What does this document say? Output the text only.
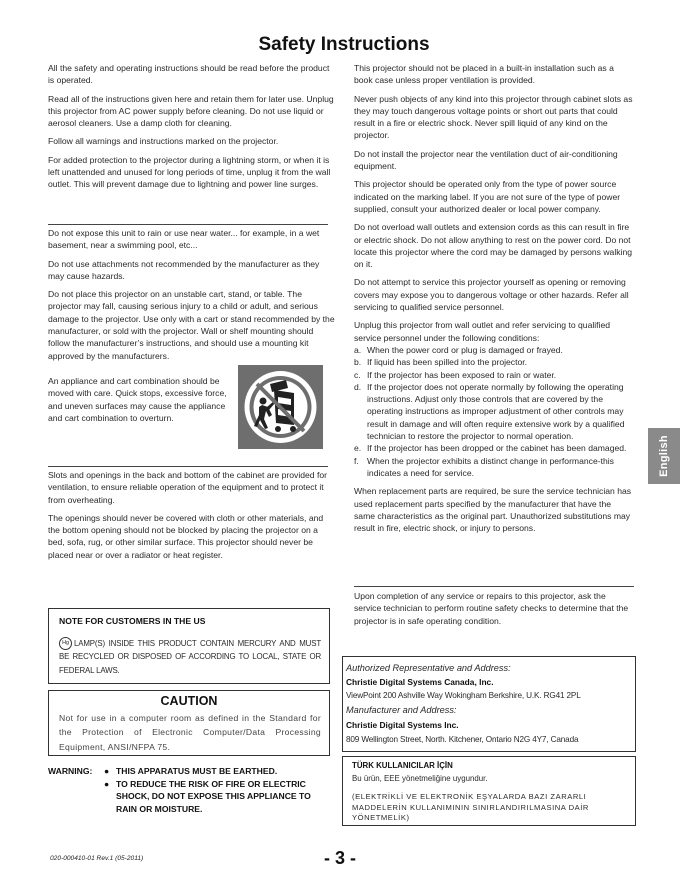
Safety Instructions

All the safety and operating instructions should be read before the product is operated.

Read all of the instructions given here and retain them for later use. Unplug this projector from AC power supply before cleaning. Do not use liquid or aerosol cleaners. Use a damp cloth for cleaning.

Follow all warnings and instructions marked on the projector.

For added protection to the projector during a lightning storm, or when it is left unattended and unused for long periods of time, unplug it from the wall outlet. This will prevent damage due to lightning and power line surges.

Do not expose this unit to rain or use near water... for example, in a wet basement, near a swimming pool, etc...

Do not use attachments not recommended by the manufacturer as they may cause hazards.

Do not place this projector on an unstable cart, stand, or table. The projector may fall, causing serious injury to a child or adult, and serious damage to the projector. Use only with a cart or stand recommended by the manufacturer, or sold with the projector. Wall or shelf mounting should follow the manufacturer’s instructions, and should use a mounting kit approved by the manufacturers.

An appliance and cart combination should be moved with care. Quick stops, excessive force, and uneven surfaces may cause the appliance and cart combination to overturn.

Slots and openings in the back and bottom of the cabinet are provided for ventilation, to ensure reliable operation of the equipment and to protect it from overheating.

The openings should never be covered with cloth or other materials, and the bottom opening should not be blocked by placing the projector on a bed, sofa, rug, or other similar surface. This projector should never be placed near or over a radiator or heat register.

NOTE FOR CUSTOMERS IN THE US
Hg LAMP(S) INSIDE THIS PRODUCT CONTAIN MERCURY AND MUST BE RECYCLED OR DISPOSED OF ACCORDING TO LOCAL, STATE OR FEDERAL LAWS.
CAUTION
Not for use in a computer room as defined in the Standard for the Protection of Electronic Computer/Data Processing Equipment, ANSI/NFPA 75.
WARNING: ● THIS APPARATUS MUST BE EARTHED.
● TO REDUCE THE RISK OF FIRE OR ELECTRIC SHOCK, DO NOT EXPOSE THIS APPLIANCE TO RAIN OR MOISTURE.

This projector should not be placed in a built-in installation such as a book case unless proper ventilation is provided.

Never push objects of any kind into this projector through cabinet slots as they may touch dangerous voltage points or short out parts that could result in a fire or electric shock. Never spill liquid of any kind on the projector.

Do not install the projector near the ventilation duct of air-conditioning equipment.

This projector should be operated only from the type of power source indicated on the marking label. If you are not sure of the type of power supplied, consult your authorized dealer or local power company.

Do not overload wall outlets and extension cords as this can result in fire or electric shock. Do not allow anything to rest on the power cord. Do not locate this projector where the cord may be damaged by persons walking on it.

Do not attempt to service this projector yourself as opening or removing covers may expose you to dangerous voltage or other hazards. Refer all servicing to qualified service personnel.

Unplug this projector from wall outlet and refer servicing to qualified service personnel under the following conditions:
a. When the power cord or plug is damaged or frayed.
b. If liquid has been spilled into the projector.
c. If the projector has been exposed to rain or water.
d. If the projector does not operate normally by following the operating instructions. Adjust only those controls that are covered by the operating instructions as improper adjustment of other controls may result in damage and will often require extensive work by a qualified technician to restore the projector to normal operation.
e. If the projector has been dropped or the cabinet has been damaged.
f. When the projector exhibits a distinct change in performance-this indicates a need for service.

When replacement parts are required, be sure the service technician has used replacement parts specified by the manufacturer that have the same characteristics as the original part. Unauthorized substitutions may result in fire, electric shock, or injury to persons.

Upon completion of any service or repairs to this projector, ask the service technician to perform routine safety checks to determine that the projector is in safe operating condition.
Authorized Representative and Address:
Christie Digital Systems Canada, Inc.
ViewPoint 200 Ashville Way Wokingham Berkshire, U.K. RG41 2PL
Manufacturer and Address:
Christie Digital Systems Inc.
809 Wellington Street, North. Kitchener, Ontario N2G 4Y7, Canada
TÜRK KULLANICILAR İÇİN
Bu ürün, EEE yönetmeliğine uygundur.
(ELEKTRİKLİ VE ELEKTRONİK EŞYALARDA BAZI ZARARLI MADDELERİN KULLANIMININ SINIRLANDIRILMASINA DAİR YÖNETMELİK)
English
020-000410-01 Rev.1 (05-2011)	- 3 -
